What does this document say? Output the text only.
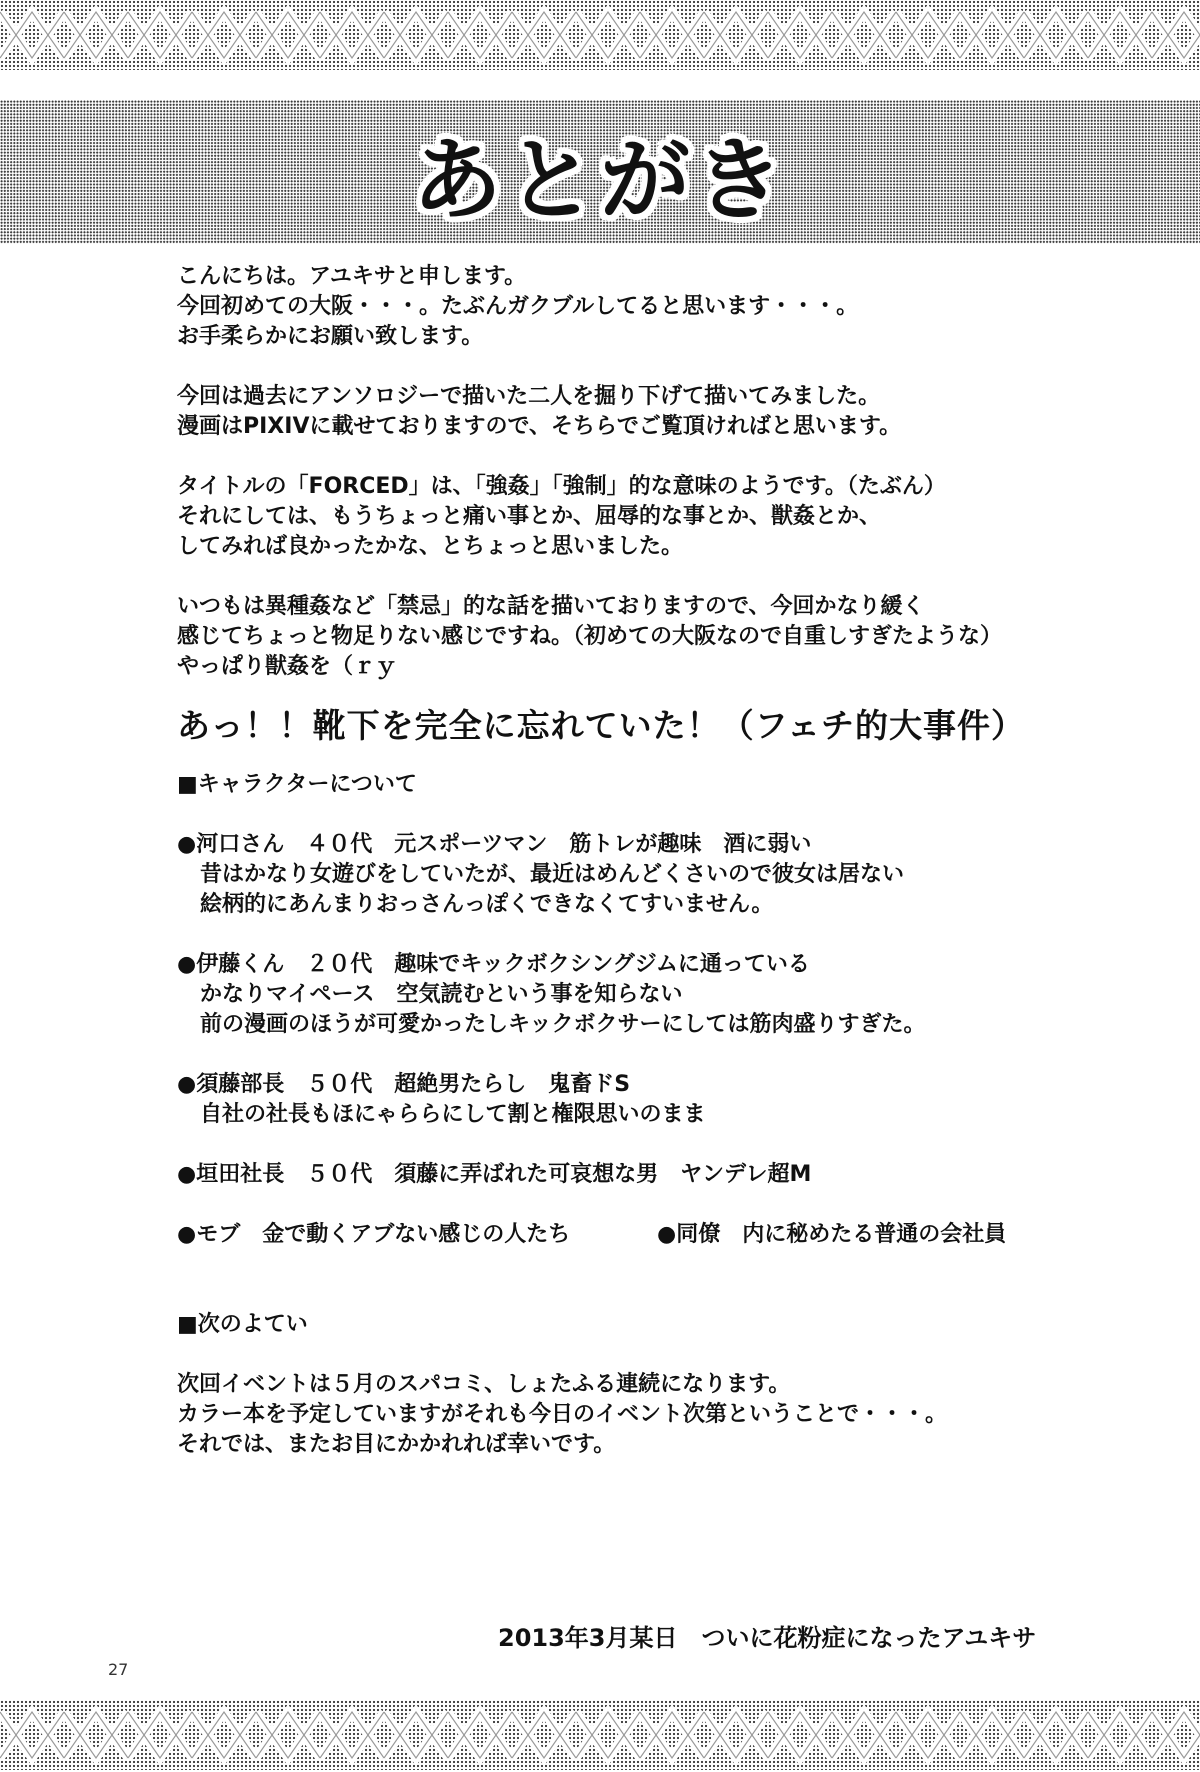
あとがき

こんにちは。アユキサと申します。

今回初めての大阪・・・。たぶんガクブルしてると思います・・・。

お手柔らかにお願い致します。

今回は過去にアンソロジーで描いた二人を掘り下げて描いてみました。

漫画はPIXIVに載せておりますので、そちらでご覧頂ければと思います。

タイトルの「FORCED」は、「強姦」「強制」的な意味のようです。（たぶん）

それにしては、もうちょっと痛い事とか、屈辱的な事とか、獣姦とか、

してみれば良かったかな、とちょっと思いました。

いつもは異種姦など「禁忌」的な話を描いておりますので、今回かなり緩く

感じてちょっと物足りない感じですね。（初めての大阪なので自重しすぎたような）

やっぱり獣姦を（ｒｙ

あっ！！靴下を完全に忘れていた！（フェチ的大事件）

■キャラクターについて

●河口さん　４０代　元スポーツマン　筋トレが趣味　酒に弱い

昔はかなり女遊びをしていたが、最近はめんどくさいので彼女は居ない

絵柄的にあんまりおっさんっぽくできなくてすいません。

●伊藤くん　２０代　趣味でキックボクシングジムに通っている

かなりマイペース　空気読むという事を知らない

前の漫画のほうが可愛かったしキックボクサーにしては筋肉盛りすぎた。

●須藤部長　５０代　超絶男たらし　鬼畜ドS

自社の社長もほにゃららにして割と権限思いのまま

●垣田社長　５０代　須藤に弄ばれた可哀想な男　ヤンデレ超M

●モブ　金で動くアブない感じの人たち	●同僚　内に秘めたる普通の会社員

■次のよてい

次回イベントは５月のスパコミ、しょたふる連続になります。

カラー本を予定していますがそれも今日のイベント次第ということで・・・。

それでは、またお目にかかれれば幸いです。

2013年3月某日　ついに花粉症になったアユキサ
27
